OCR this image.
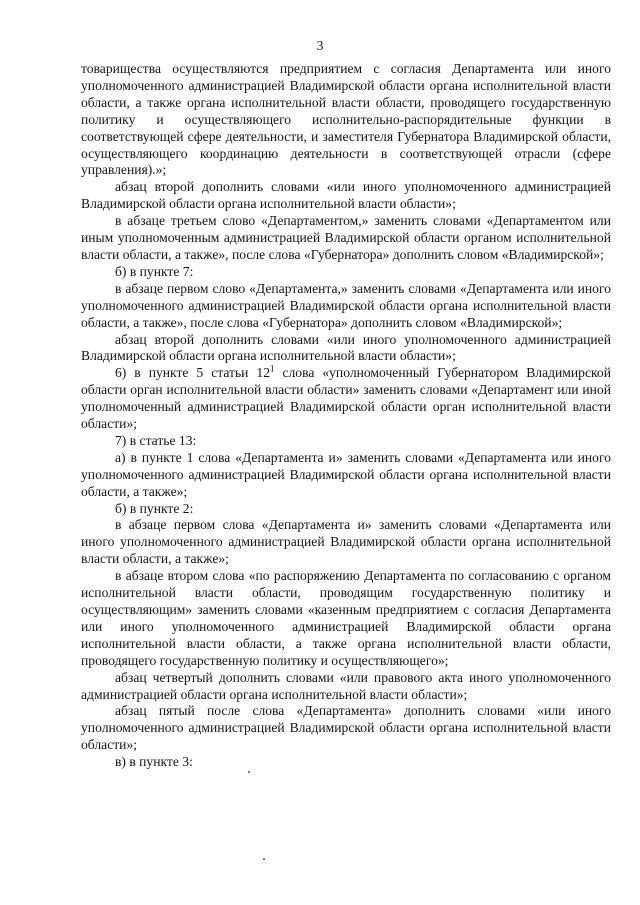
3

товарищества осуществляются предприятием с согласия Департамента или иного уполномоченного администрацией Владимирской области органа исполнительной власти области, а также органа исполнительной власти области, проводящего государственную политику и осуществляющего исполнительно-распорядительные функции в соответствующей сфере деятельности, и заместителя Губернатора Владимирской области, осуществляющего координацию деятельности в соответствующей отрасли (сфере управления).»;

абзац второй дополнить словами «или иного уполномоченного администрацией Владимирской области органа исполнительной власти области»;

в абзаце третьем слово «Департаментом,» заменить словами «Департаментом или иным уполномоченным администрацией Владимирской области органом исполнительной власти области, а также», после слова «Губернатора» дополнить словом «Владимирской»;

б) в пункте 7:

в абзаце первом слово «Департамента,» заменить словами «Департамента или иного уполномоченного администрацией Владимирской области органа исполнительной власти области, а также», после слова «Губернатора» дополнить словом «Владимирской»;

абзац второй дополнить словами «или иного уполномоченного администрацией Владимирской области органа исполнительной власти области»;

6) в пункте 5 статьи $12^1$ слова «уполномоченный Губернатором Владимирской области орган исполнительной власти области» заменить словами «Департамент или иной уполномоченный администрацией Владимирской области орган исполнительной власти области»;

7) в статье 13:

а) в пункте 1 слова «Департамента и» заменить словами «Департамента или иного уполномоченного администрацией Владимирской области органа исполнительной власти области, а также»;

б) в пункте 2:

в абзаце первом слова «Департамента и» заменить словами «Департамента или иного уполномоченного администрацией Владимирской области органа исполнительной власти области, а также»;

в абзаце втором слова «по распоряжению Департамента по согласованию с органом исполнительной власти области, проводящим государственную политику и осуществляющим» заменить словами «казенным предприятием с согласия Департамента или иного уполномоченного администрацией Владимирской области органа исполнительной власти области, а также органа исполнительной власти области, проводящего государственную политику и осуществляющего»;

абзац четвертый дополнить словами «или правового акта иного уполномоченного администрацией области органа исполнительной власти области»;

абзац пятый после слова «Департамента» дополнить словами «или иного уполномоченного администрацией Владимирской области органа исполнительной власти области»;

в) в пункте 3:
